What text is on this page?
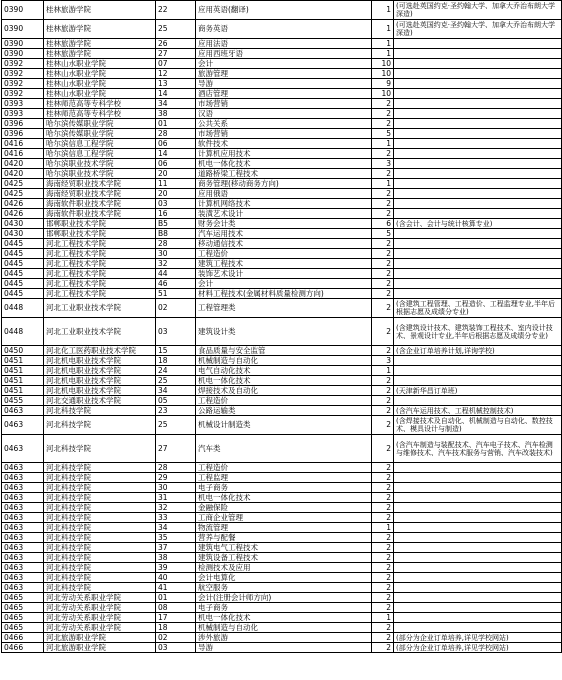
0390	桂林旅游学院	22	应用英语(翻译)	1	(可选赴英国约克·圣约翰大学、加拿大乔治布朗大学深造)
0390	桂林旅游学院	25	商务英语	1	(可选赴英国约克·圣约翰大学、加拿大乔治布朗大学深造)
0390	桂林旅游学院	26	应用法语	1	
0390	桂林旅游学院	27	应用西班牙语	1	
0392	桂林山水职业学院	07	会计	10	
0392	桂林山水职业学院	12	旅游管理	10	
0392	桂林山水职业学院	13	导游	9	
0392	桂林山水职业学院	14	酒店管理	10	
0393	桂林师范高等专科学校	34	市场营销	2	
0393	桂林师范高等专科学校	38	汉语	2	
0396	哈尔滨传媒职业学院	01	公共关系	2	
0396	哈尔滨传媒职业学院	28	市场营销	5	
0416	哈尔滨信息工程学院	06	软件技术	1	
0416	哈尔滨信息工程学院	14	计算机应用技术	2	
0420	哈尔滨职业技术学院	06	机电一体化技术	3	
0420	哈尔滨职业技术学院	20	道路桥梁工程技术	2	
0425	海南经贸职业技术学院	11	商务管理(移动商务方向)	1	
0425	海南经贸职业技术学院	20	应用俄语	2	
0426	海南软件职业技术学院	03	计算机网络技术	2	
0426	海南软件职业技术学院	16	装潢艺术设计	2	
0430	邯郸职业技术学院	B5	财务会计类	6	(含会计、会计与统计核算专业)
0430	邯郸职业技术学院	B8	汽车运用技术	5	
0445	河北工程技术学院	28	移动通信技术	2	
0445	河北工程技术学院	30	工程造价	2	
0445	河北工程技术学院	32	建筑工程技术	2	
0445	河北工程技术学院	44	装饰艺术设计	2	
0445	河北工程技术学院	46	会计	2	
0445	河北工程技术学院	51	材料工程技术(金属材料质量检测方向)	2	
0448	河北工业职业技术学院	02	工程管理类	2	(含建筑工程管理、工程造价、工程监理专业,半年后根据志愿及成绩分专业)
0448	河北工业职业技术学院	03	建筑设计类	2	(含建筑设计技术、建筑装饰工程技术、室内设计技术、景观设计专业,半年后根据志愿及成绩分专业)
0450	河北化工医药职业技术学院	15	食品质量与安全监管	2	(含企业订单培养计划,详询学校)
0451	河北机电职业技术学院	18	机械制造与自动化	3	
0451	河北机电职业技术学院	24	电气自动化技术	1	
0451	河北机电职业技术学院	25	机电一体化技术	2	
0451	河北机电职业技术学院	34	焊接技术及自动化	2	(天津新华昌订单班)
0455	河北交通职业技术学院	05	工程造价	2	
0463	河北科技学院	23	公路运输类	2	(含汽车运用技术、工程机械控制技术)
0463	河北科技学院	25	机械设计制造类	2	(含焊接技术及自动化、机械制造与自动化、数控技术、模具设计与制造)
0463	河北科技学院	27	汽车类	2	(含汽车制造与装配技术、汽车电子技术、汽车检测与维修技术、汽车技术服务与营销、汽车改装技术)
0463	河北科技学院	28	工程造价	2	
0463	河北科技学院	29	工程监理	2	
0463	河北科技学院	30	电子商务	2	
0463	河北科技学院	31	机电一体化技术	2	
0463	河北科技学院	32	金融保险	2	
0463	河北科技学院	33	工商企业管理	2	
0463	河北科技学院	34	物流管理	1	
0463	河北科技学院	35	营养与配餐	2	
0463	河北科技学院	37	建筑电气工程技术	2	
0463	河北科技学院	38	建筑设备工程技术	2	
0463	河北科技学院	39	检测技术及应用	2	
0463	河北科技学院	40	会计电算化	2	
0463	河北科技学院	41	航空服务	2	
0465	河北劳动关系职业学院	01	会计(注册会计师方向)	2	
0465	河北劳动关系职业学院	08	电子商务	2	
0465	河北劳动关系职业学院	17	机电一体化技术	1	
0465	河北劳动关系职业学院	18	机械制造与自动化	2	
0466	河北旅游职业学院	02	涉外旅游	2	(部分为企业订单培养,详见学校网站)
0466	河北旅游职业学院	03	导游	2	(部分为企业订单培养,详见学校网站)
